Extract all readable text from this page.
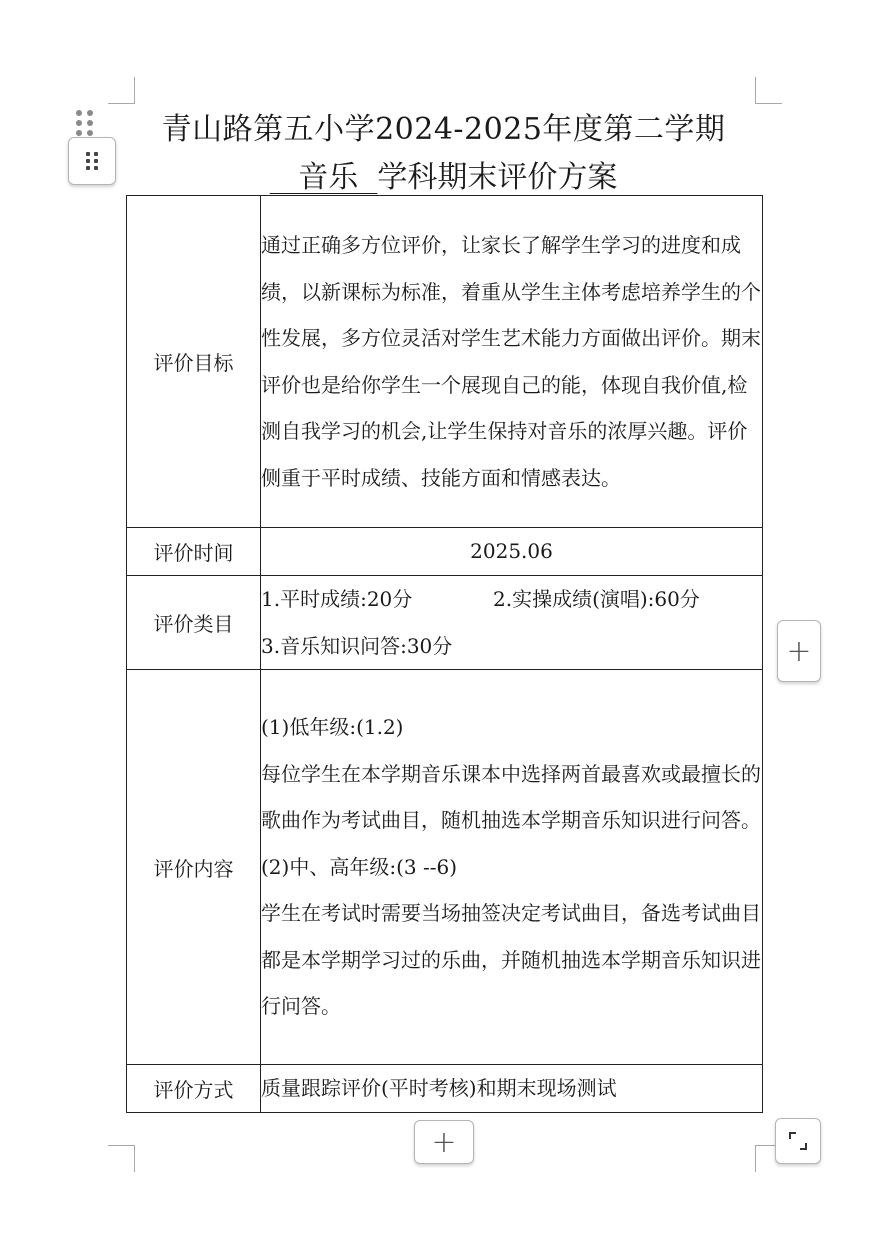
青山路第五小学2024-2025年度第二学期
音乐  学科期末评价方案
评价目标	通过正确多方位评价，让家长了解学生学习的进度和成绩，以新课标为标准，着重从学生主体考虑培养学生的个性发展，多方位灵活对学生艺术能力方面做出评价。期末评价也是给你学生一个展现自己的能，体现自我价值,检测自我学习的机会,让学生保持对音乐的浓厚兴趣。评价侧重于平时成绩、技能方面和情感表达。
评价时间	2025.06
评价类目	1.平时成绩:20分 2.实操成绩(演唱):60分
3.音乐知识问答:30分

评价内容	(1)低年级:(1.2)
每位学生在本学期音乐课本中选择两首最喜欢或最擅长的歌曲作为考试曲目，随机抽选本学期音乐知识进行问答。
(2)中、高年级:(3 --6)
学生在考试时需要当场抽签决定考试曲目，备选考试曲目都是本学期学习过的乐曲，并随机抽选本学期音乐知识进行问答。

评价方式	质量跟踪评价(平时考核)和期末现场测试
+
+
